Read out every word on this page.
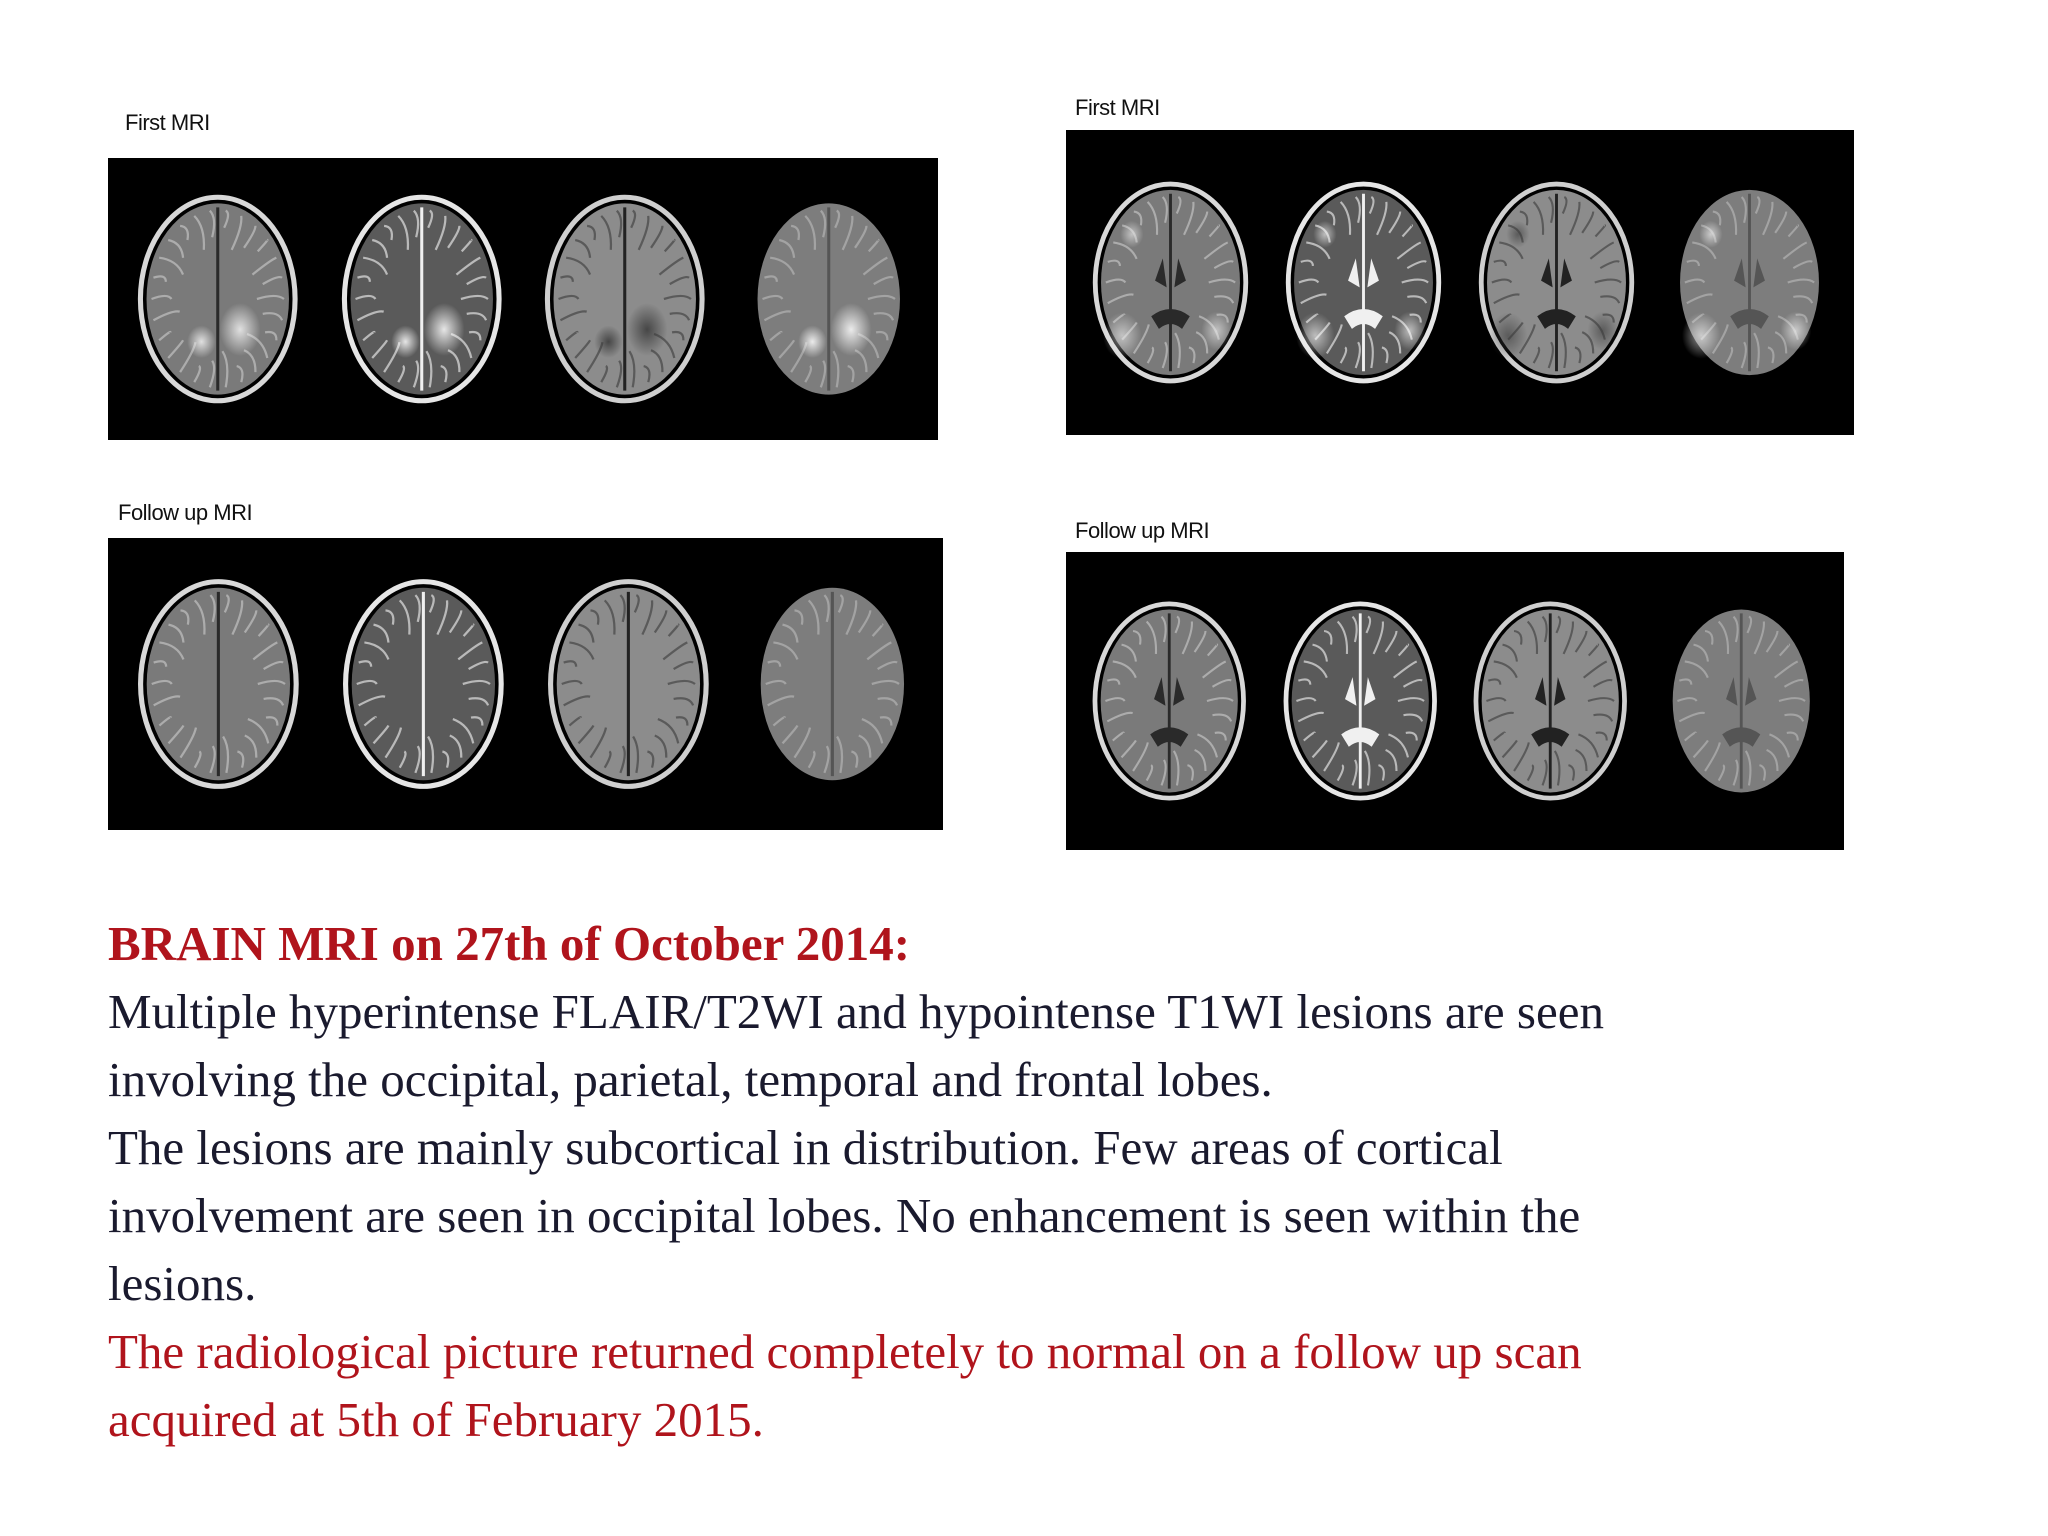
First MRI
Follow up MRI
First MRI
Follow up MRI
BRAIN MRI on 27th of October 2014:
Multiple hyperintense FLAIR/T2WI and hypointense T1WI lesions are seen
involving the occipital, parietal, temporal and frontal lobes.
The lesions are mainly subcortical in distribution. Few areas of cortical
involvement are seen in occipital lobes. No enhancement is seen within the
lesions.
The radiological picture returned completely to normal on a follow up scan
acquired at 5th of February 2015.
